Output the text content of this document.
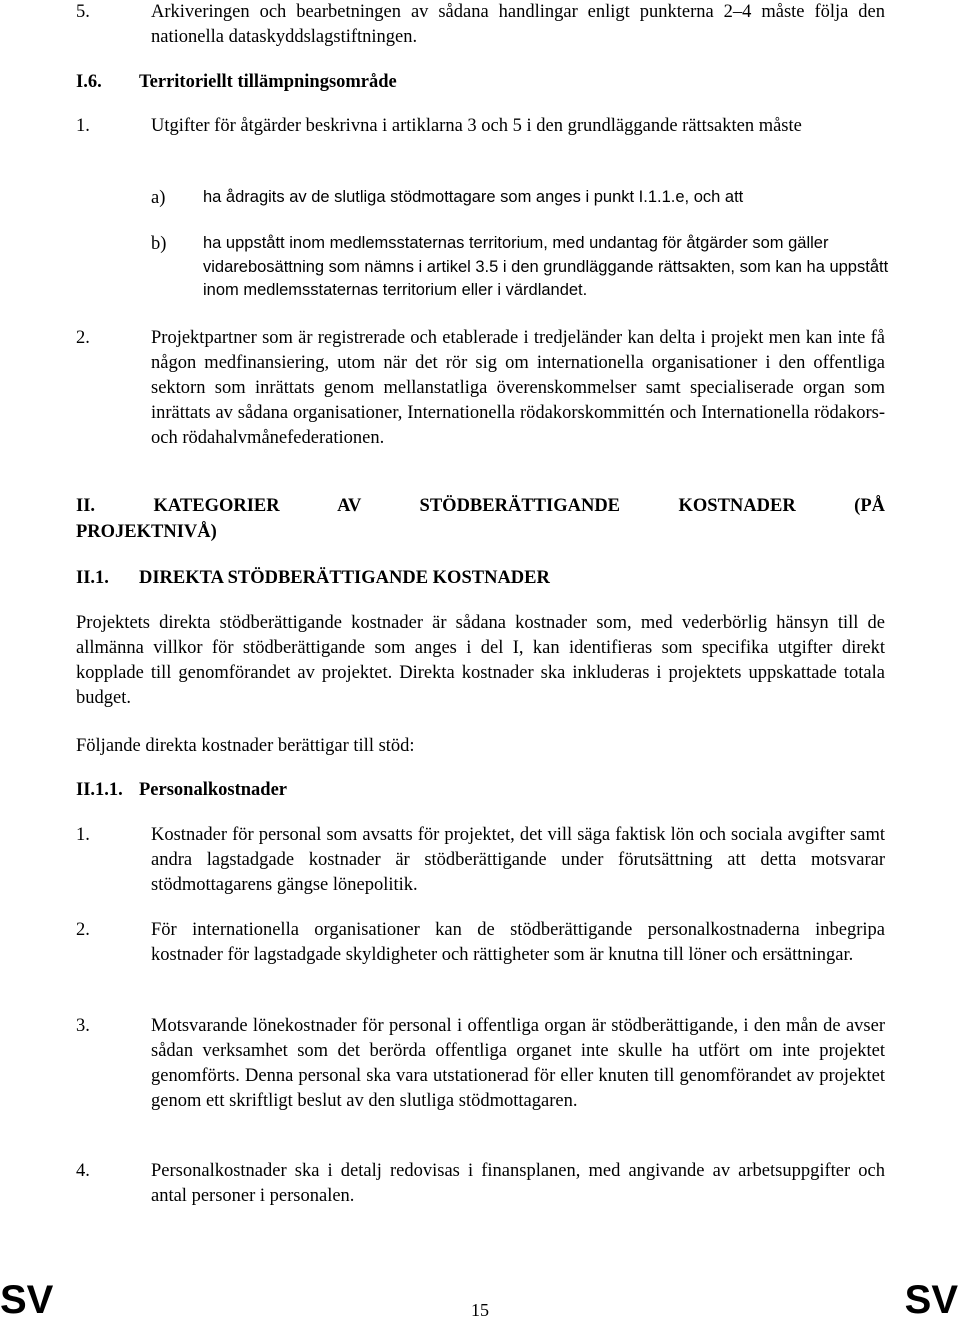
5.	Arkiveringen och bearbetningen av sådana handlingar enligt punkterna 2–4 måste följa den nationella dataskyddslagstiftningen.
I.6. Territoriellt tillämpningsområde
1.	Utgifter för åtgärder beskrivna i artiklarna 3 och 5 i den grundläggande rättsakten måste
a) ha ådragits av de slutliga stödmottagare som anges i punkt I.1.1.e, och att
b) ha uppstått inom medlemsstaternas territorium, med undantag för åtgärder som gäller vidarebosättning som nämns i artikel 3.5 i den grundläggande rättsakten, som kan ha uppstått inom medlemsstaternas territorium eller i värdlandet.
2.	Projektpartner som är registrerade och etablerade i tredjeländer kan delta i projekt men kan inte få någon medfinansiering, utom när det rör sig om internationella organisationer i den offentliga sektorn som inrättats genom mellanstatliga överenskommelser samt specialiserade organ som inrättats av sådana organisationer, Internationella rödakorskommittén och Internationella rödakors- och rödahalvmånefederationen.
II.	KATEGORIER AV STÖDBERÄTTIGANDE KOSTNADER (PÅ
PROJEKTNIVÅ)
II.1. DIREKTA STÖDBERÄTTIGANDE KOSTNADER
Projektets direkta stödberättigande kostnader är sådana kostnader som, med vederbörlig hänsyn till de allmänna villkor för stödberättigande som anges i del I, kan identifieras som specifika utgifter direkt kopplade till genomförandet av projektet. Direkta kostnader ska inkluderas i projektets uppskattade totala budget.
Följande direkta kostnader berättigar till stöd:
II.1.1. Personalkostnader
1.	Kostnader för personal som avsatts för projektet, det vill säga faktisk lön och sociala avgifter samt andra lagstadgade kostnader är stödberättigande under förutsättning att detta motsvarar stödmottagarens gängse lönepolitik.
2.	För internationella organisationer kan de stödberättigande personalkostnaderna inbegripa kostnader för lagstadgade skyldigheter och rättigheter som är knutna till löner och ersättningar.
3.	Motsvarande lönekostnader för personal i offentliga organ är stödberättigande, i den mån de avser sådan verksamhet som det berörda offentliga organet inte skulle ha utfört om inte projektet genomförts. Denna personal ska vara utstationerad för eller knuten till genomförandet av projektet genom ett skriftligt beslut av den slutliga stödmottagaren.
4.	Personalkostnader ska i detalj redovisas i finansplanen, med angivande av arbetsuppgifter och antal personer i personalen.
SV	15	SV
